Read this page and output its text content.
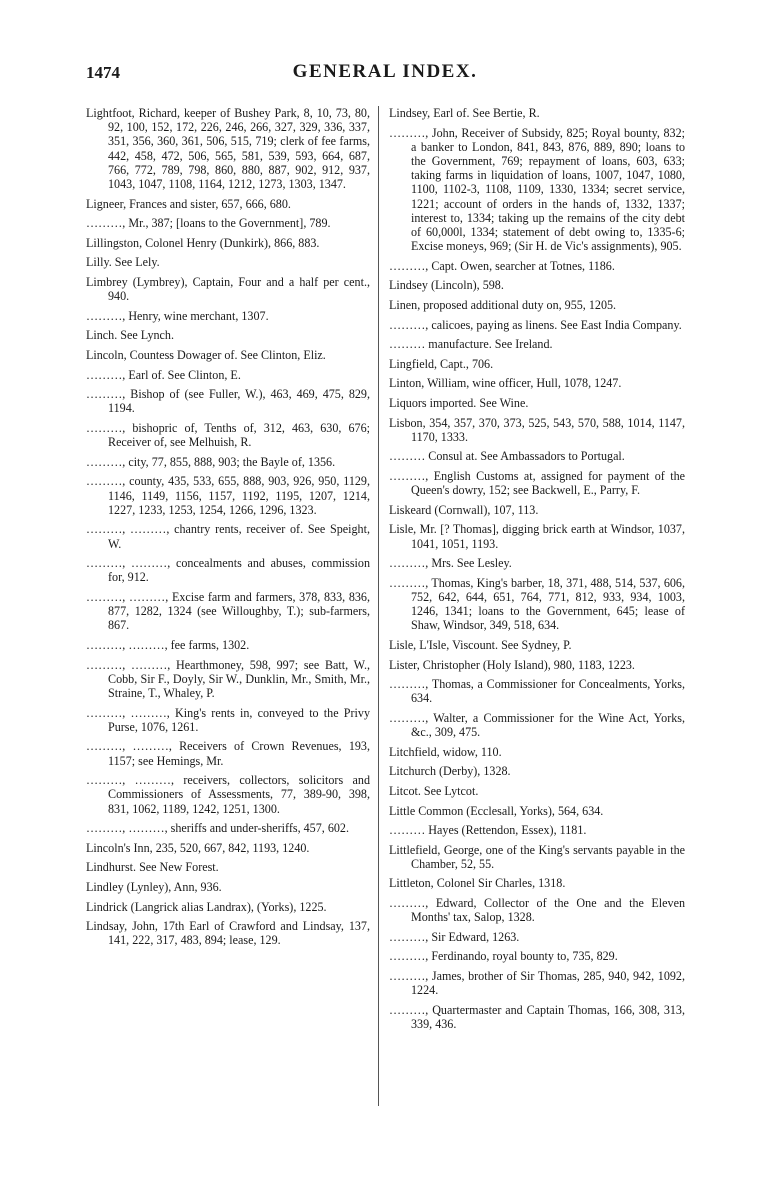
1474	GENERAL INDEX.

Lightfoot, Richard, keeper of Bushey Park, 8, 10, 73, 80, 92, 100, 152, 172, 226, 246, 266, 327, 329, 336, 337, 351, 356, 360, 361, 506, 515, 719; clerk of fee farms, 442, 458, 472, 506, 565, 581, 539, 593, 664, 687, 766, 772, 789, 798, 860, 880, 887, 902, 912, 937, 1043, 1047, 1108, 1164, 1212, 1273, 1303, 1347.

Ligneer, Frances and sister, 657, 666, 680.

………, Mr., 387; [loans to the Government], 789.

Lillingston, Colonel Henry (Dunkirk), 866, 883.

Lilly. See Lely.

Limbrey (Lymbrey), Captain, Four and a half per cent., 940.

………, Henry, wine merchant, 1307.

Linch. See Lynch.

Lincoln, Countess Dowager of. See Clinton, Eliz.

………, Earl of. See Clinton, E.

………, Bishop of (see Fuller, W.), 463, 469, 475, 829, 1194.

………, bishopric of, Tenths of, 312, 463, 630, 676; Receiver of, see Melhuish, R.

………, city, 77, 855, 888, 903; the Bayle of, 1356.

………, county, 435, 533, 655, 888, 903, 926, 950, 1129, 1146, 1149, 1156, 1157, 1192, 1195, 1207, 1214, 1227, 1233, 1253, 1254, 1266, 1296, 1323.

………, ………, chantry rents, receiver of. See Speight, W.

………, ………, concealments and abuses, commission for, 912.

………, ………, Excise farm and farmers, 378, 833, 836, 877, 1282, 1324 (see Willoughby, T.); sub-farmers, 867.

………, ………, fee farms, 1302.

………, ………, Hearthmoney, 598, 997; see Batt, W., Cobb, Sir F., Doyly, Sir W., Dunklin, Mr., Smith, Mr., Straine, T., Whaley, P.

………, ………, King's rents in, conveyed to the Privy Purse, 1076, 1261.

………, ………, Receivers of Crown Revenues, 193, 1157; see Hemings, Mr.

………, ………, receivers, collectors, solicitors and Commissioners of Assessments, 77, 389-90, 398, 831, 1062, 1189, 1242, 1251, 1300.

………, ………, sheriffs and under-sheriffs, 457, 602.

Lincoln's Inn, 235, 520, 667, 842, 1193, 1240.

Lindhurst. See New Forest.

Lindley (Lynley), Ann, 936.

Lindrick (Langrick alias Landrax), (Yorks), 1225.

Lindsay, John, 17th Earl of Crawford and Lindsay, 137, 141, 222, 317, 483, 894; lease, 129.

Lindsey, Earl of. See Bertie, R.

………, John, Receiver of Subsidy, 825; Royal bounty, 832; a banker to London, 841, 843, 876, 889, 890; loans to the Government, 769; repayment of loans, 603, 633; taking farms in liquidation of loans, 1007, 1047, 1080, 1100, 1102-3, 1108, 1109, 1330, 1334; secret service, 1221; account of orders in the hands of, 1332, 1337; interest to, 1334; taking up the remains of the city debt of 60,000l, 1334; statement of debt owing to, 1335-6; Excise moneys, 969; (Sir H. de Vic's assignments), 905.

………, Capt. Owen, searcher at Totnes, 1186.

Lindsey (Lincoln), 598.

Linen, proposed additional duty on, 955, 1205.

………, calicoes, paying as linens. See East India Company.

……… manufacture. See Ireland.

Lingfield, Capt., 706.

Linton, William, wine officer, Hull, 1078, 1247.

Liquors imported. See Wine.

Lisbon, 354, 357, 370, 373, 525, 543, 570, 588, 1014, 1147, 1170, 1333.

……… Consul at. See Ambassadors to Portugal.

………, English Customs at, assigned for payment of the Queen's dowry, 152; see Backwell, E., Parry, F.

Liskeard (Cornwall), 107, 113.

Lisle, Mr. [? Thomas], digging brick earth at Windsor, 1037, 1041, 1051, 1193.

………, Mrs. See Lesley.

………, Thomas, King's barber, 18, 371, 488, 514, 537, 606, 752, 642, 644, 651, 764, 771, 812, 933, 934, 1003, 1246, 1341; loans to the Government, 645; lease of Shaw, Windsor, 349, 518, 634.

Lisle, L'Isle, Viscount. See Sydney, P.

Lister, Christopher (Holy Island), 980, 1183, 1223.

………, Thomas, a Commissioner for Concealments, Yorks, 634.

………, Walter, a Commissioner for the Wine Act, Yorks, &c., 309, 475.

Litchfield, widow, 110.

Litchurch (Derby), 1328.

Litcot. See Lytcot.

Little Common (Ecclesall, Yorks), 564, 634.

……… Hayes (Rettendon, Essex), 1181.

Littlefield, George, one of the King's servants payable in the Chamber, 52, 55.

Littleton, Colonel Sir Charles, 1318.

………, Edward, Collector of the One and the Eleven Months' tax, Salop, 1328.

………, Sir Edward, 1263.

………, Ferdinando, royal bounty to, 735, 829.

………, James, brother of Sir Thomas, 285, 940, 942, 1092, 1224.

………, Quartermaster and Captain Thomas, 166, 308, 313, 339, 436.
